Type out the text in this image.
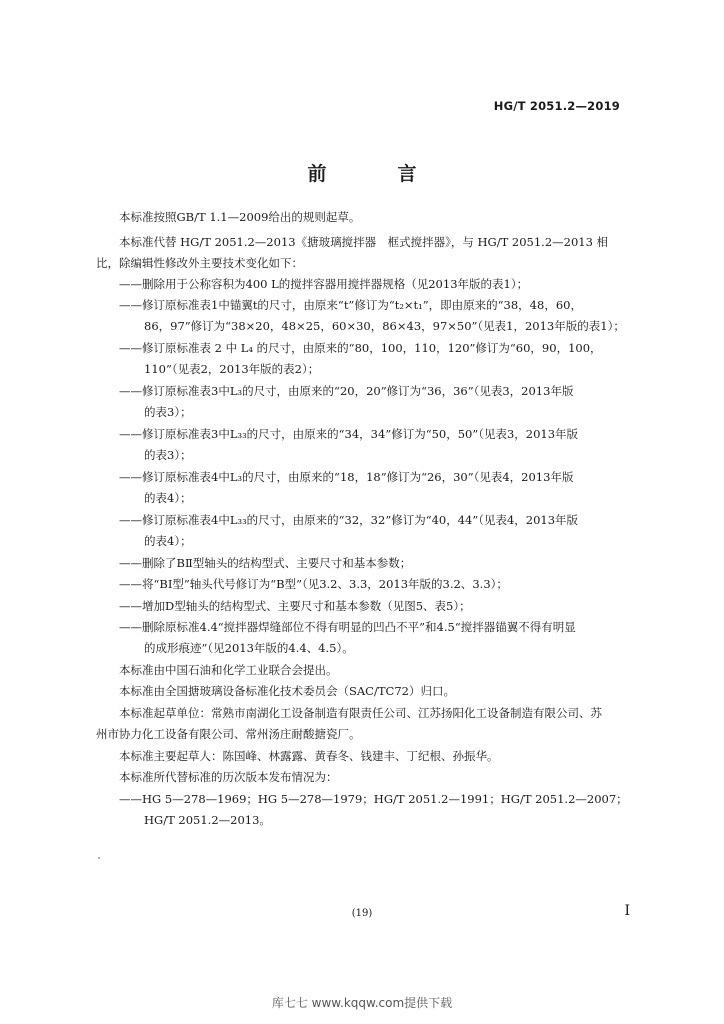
HG/T 2051.2—2019
前　言
本标准按照GB/T 1.1—2009给出的规则起草。
本标准代替 HG/T 2051.2—2013《搪玻璃搅拌器　框式搅拌器》，与 HG/T 2051.2—2013 相
比，除编辑性修改外主要技术变化如下：
——删除用于公称容积为400 L的搅拌容器用搅拌器规格（见2013年版的表1）；
——修订原标准表1中锚翼t的尺寸，由原来“t”修订为“t₂×t₁”，即由原来的“38，48，60，
86，97”修订为“38×20，48×25，60×30，86×43，97×50”（见表1，2013年版的表1）；
——修订原标准表 2 中 L₄ 的尺寸，由原来的“80，100，110，120”修订为“60，90，100，
110”（见表2，2013年版的表2）；
——修订原标准表3中L₃的尺寸，由原来的“20，20”修订为“36，36”（见表3，2013年版
的表3）；
——修订原标准表3中L₃₃的尺寸，由原来的“34，34”修订为“50，50”（见表3，2013年版
的表3）；
——修订原标准表4中L₃的尺寸，由原来的“18，18”修订为“26，30”（见表4，2013年版
的表4）；
——修订原标准表4中L₃₃的尺寸，由原来的“32，32”修订为“40，44”（见表4，2013年版
的表4）；
——删除了BⅡ型轴头的结构型式、主要尺寸和基本参数；
——将“BⅠ型”轴头代号修订为“B型”（见3.2、3.3，2013年版的3.2、3.3）；
——增加D型轴头的结构型式、主要尺寸和基本参数（见图5、表5）；
——删除原标准4.4“搅拌器焊缝部位不得有明显的凹凸不平”和4.5“搅拌器锚翼不得有明显
的成形痕迹”（见2013年版的4.4、4.5）。
本标准由中国石油和化学工业联合会提出。
本标准由全国搪玻璃设备标准化技术委员会（SAC/TC72）归口。
本标准起草单位：常熟市南湖化工设备制造有限责任公司、江苏扬阳化工设备制造有限公司、苏
州市协力化工设备有限公司、常州汤庄耐酸搪瓷厂。
本标准主要起草人：陈国峰、林露露、黄春冬、钱建丰、丁纪根、孙振华。
本标准所代替标准的历次版本发布情况为：
——HG 5—278—1969；HG 5—278—1979；HG/T 2051.2—1991；HG/T 2051.2—2007；
HG/T 2051.2—2013。
(19)	I
库七七 www.kqqw.com提供下载
